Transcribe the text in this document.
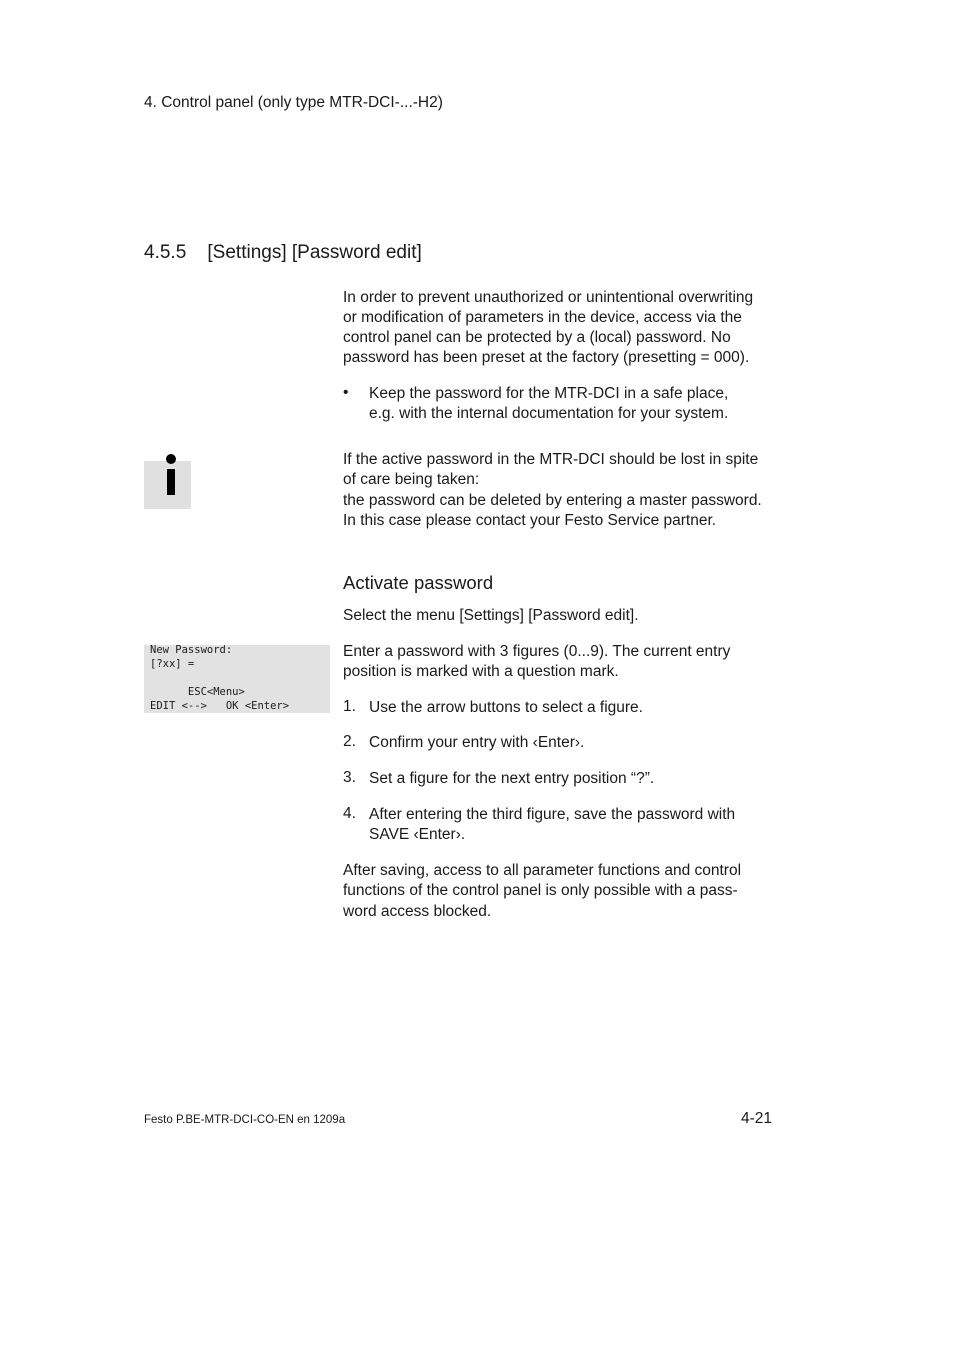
4. Control panel (only type MTR-DCI-...-H2)
4.5.5 [Settings] [Password edit]
In order to prevent unauthorized or unintentional overwriting
or modification of parameters in the device, access via the
control panel can be protected by a (local) password. No
password has been preset at the factory (presetting = 000).
• Keep the password for the MTR-DCI in a safe place,
e.g. with the internal documentation for your system.
If the active password in the MTR-DCI should be lost in spite
of care being taken:
the password can be deleted by entering a master password.
In this case please contact your Festo Service partner.
Activate password
Select the menu [Settings] [Password edit].
New Password:
[?xx] =
ESC<Menu>
EDIT <-->   OK <Enter>
Enter a password with 3 figures (0...9). The current entry
position is marked with a question mark.
1. Use the arrow buttons to select a figure.
2. Confirm your entry with ‹Enter›.
3. Set a figure for the next entry position “?”.
4. After entering the third figure, save the password with
SAVE ‹Enter›.
After saving, access to all parameter functions and control
functions of the control panel is only possible with a pass-
word access blocked.
Festo P.BE-MTR-DCI-CO-EN en 1209a	4-21
